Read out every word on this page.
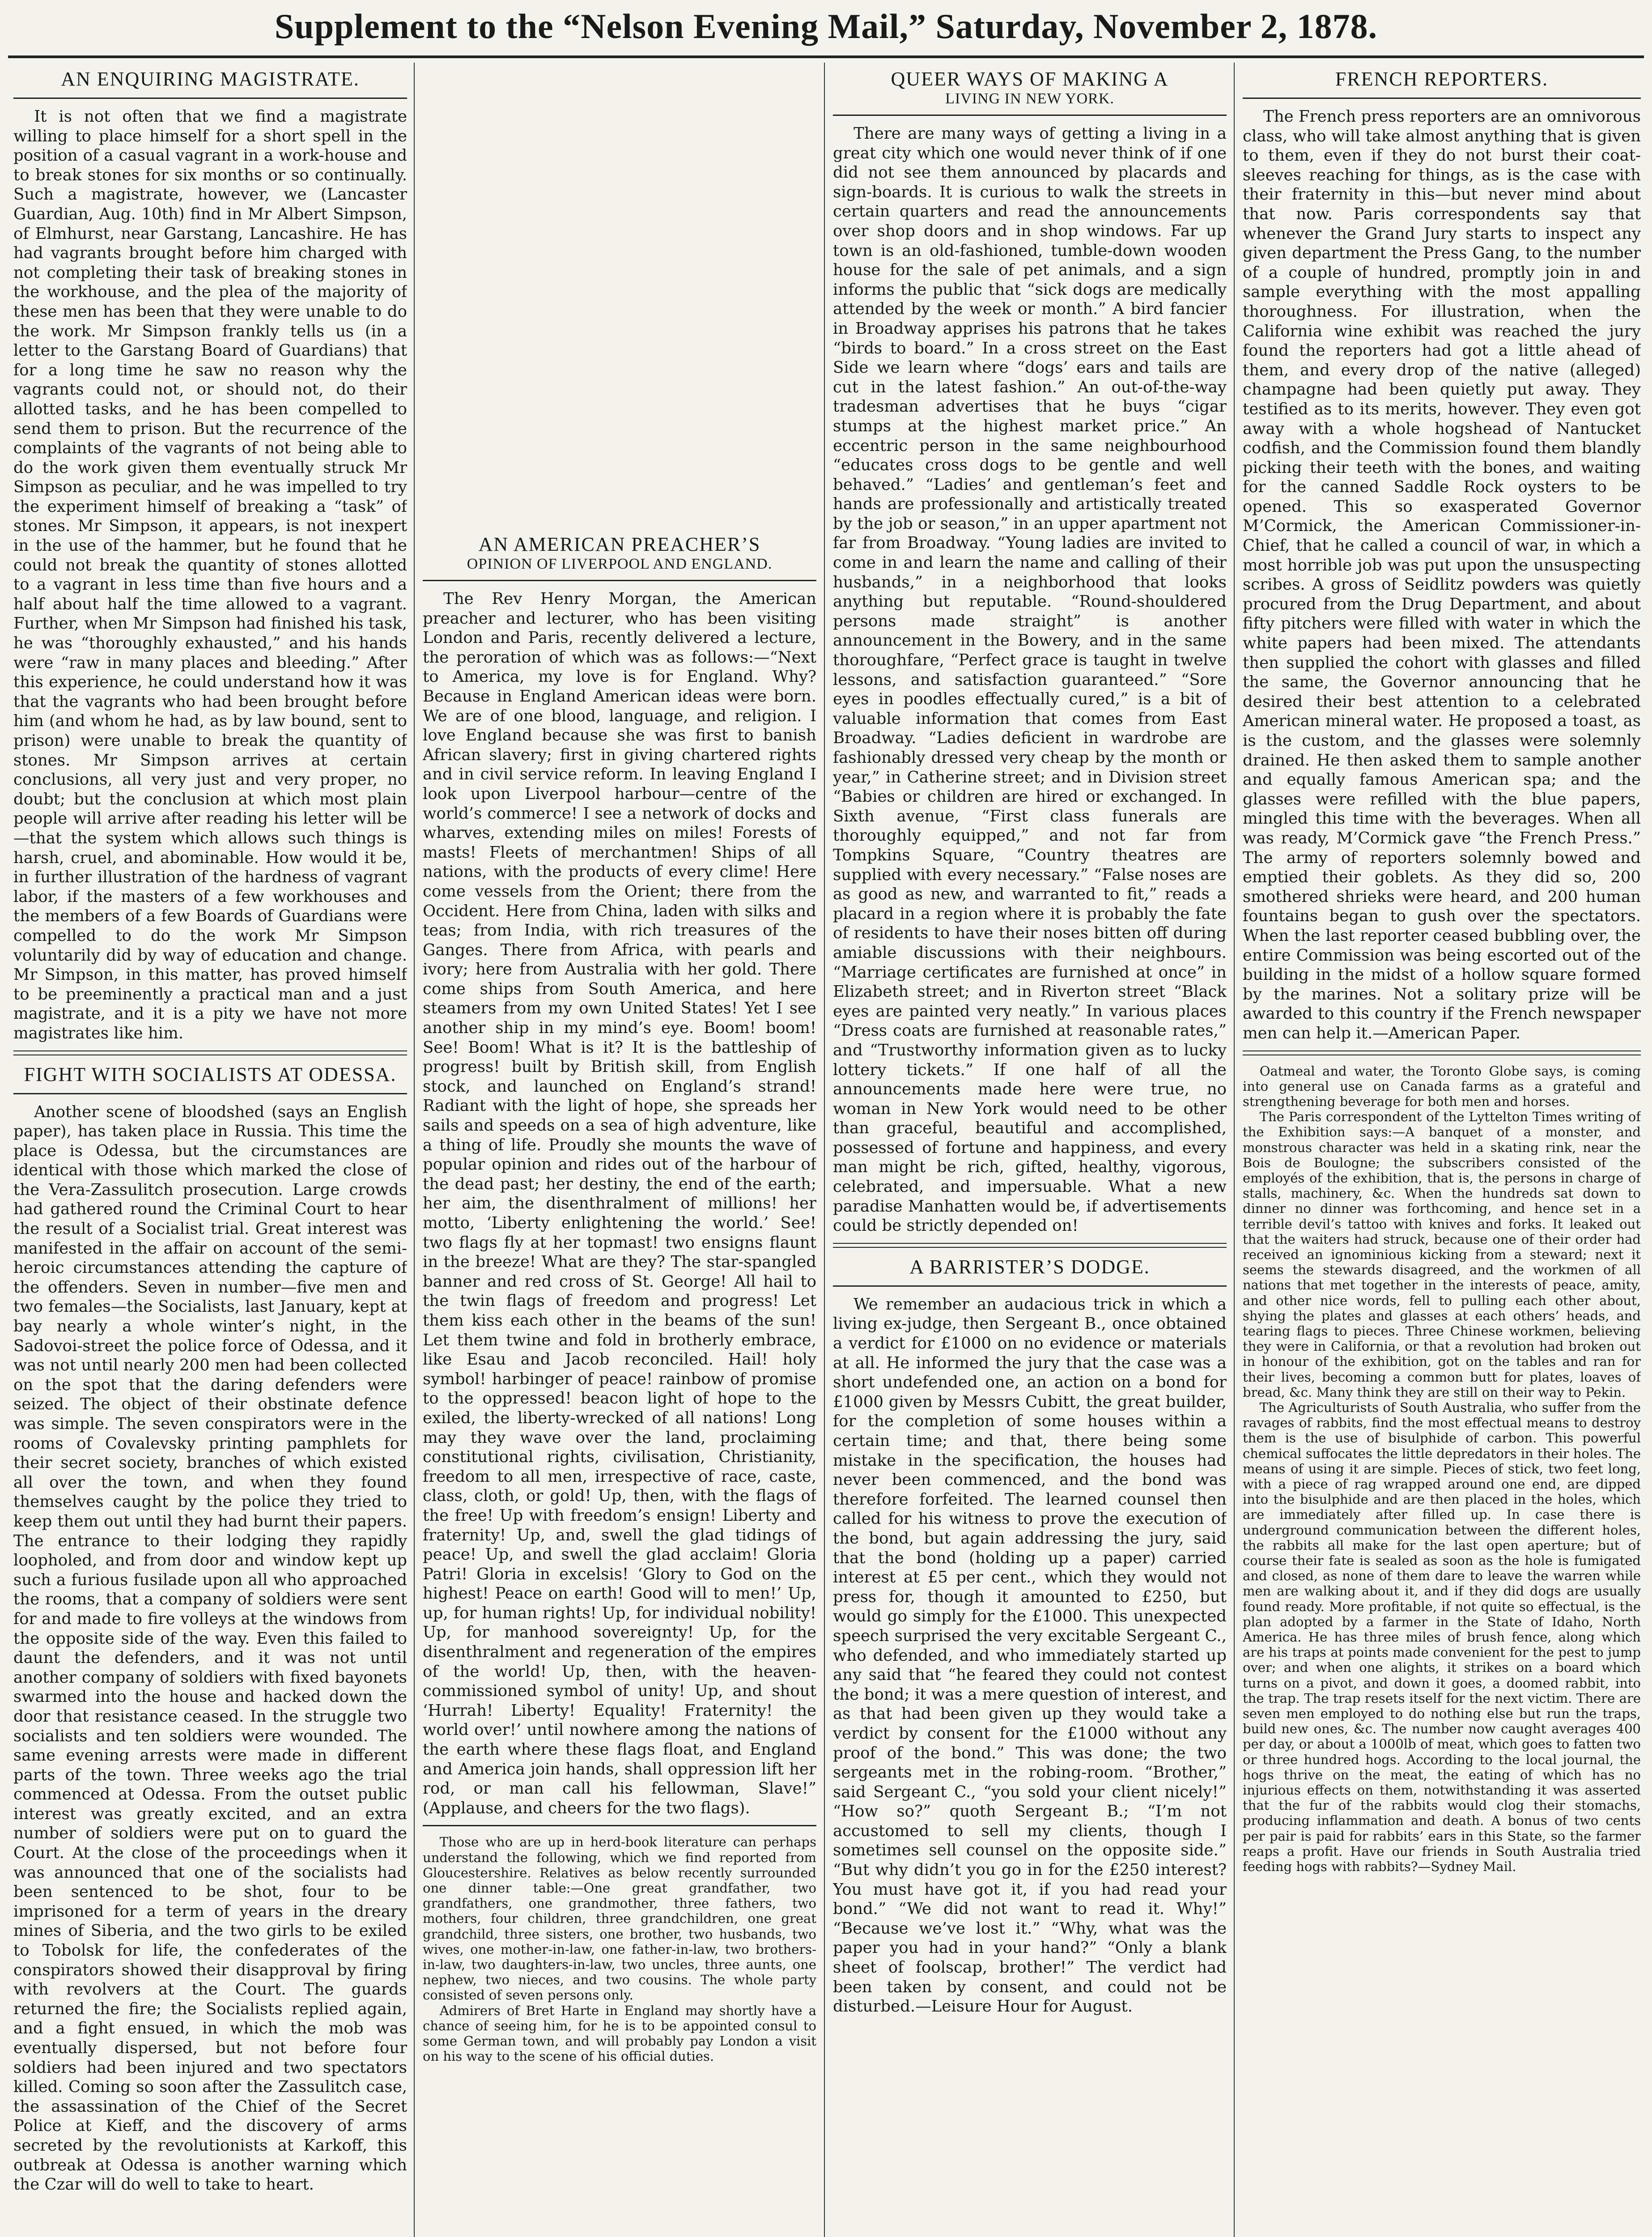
Supplement to the “Nelson Evening Mail,” Saturday, November 2, 1878.
AN ENQUIRING MAGISTRATE.

It is not often that we find a magistrate willing to place himself for a short spell in the position of a casual vagrant in a work-house and to break stones for six months or so continually. Such a magistrate, however, we (Lancaster Guardian, Aug. 10th) find in Mr Albert Simpson, of Elmhurst, near Garstang, Lancashire. He has had vagrants brought before him charged with not completing their task of breaking stones in the workhouse, and the plea of the majority of these men has been that they were unable to do the work. Mr Simpson frankly tells us (in a letter to the Garstang Board of Guardians) that for a long time he saw no reason why the vagrants could not, or should not, do their allotted tasks, and he has been compelled to send them to prison. But the recurrence of the complaints of the vagrants of not being able to do the work given them eventually struck Mr Simpson as peculiar, and he was impelled to try the experiment himself of breaking a “task” of stones. Mr Simpson, it appears, is not inexpert in the use of the hammer, but he found that he could not break the quantity of stones allotted to a vagrant in less time than five hours and a half about half the time allowed to a vagrant. Further, when Mr Simpson had finished his task, he was “thoroughly exhausted,” and his hands were “raw in many places and bleeding.” After this experience, he could understand how it was that the vagrants who had been brought before him (and whom he had, as by law bound, sent to prison) were unable to break the quantity of stones. Mr Simpson arrives at certain conclusions, all very just and very proper, no doubt; but the conclusion at which most plain people will arrive after reading his letter will be—that the system which allows such things is harsh, cruel, and abominable. How would it be, in further illustration of the hardness of vagrant labor, if the masters of a few workhouses and the members of a few Boards of Guardians were compelled to do the work Mr Simpson voluntarily did by way of education and change. Mr Simpson, in this matter, has proved himself to be preeminently a practical man and a just magistrate, and it is a pity we have not more magistrates like him.

FIGHT WITH SOCIALISTS AT ODESSA.

Another scene of bloodshed (says an English paper), has taken place in Russia. This time the place is Odessa, but the circumstances are identical with those which marked the close of the Vera-Zassulitch prosecution. Large crowds had gathered round the Criminal Court to hear the result of a Socialist trial. Great interest was manifested in the affair on account of the semi-heroic circumstances attending the capture of the offenders. Seven in number—five men and two females—the Socialists, last January, kept at bay nearly a whole winter’s night, in the Sadovoi-street the police force of Odessa, and it was not until nearly 200 men had been collected on the spot that the daring defenders were seized. The object of their obstinate defence was simple. The seven conspirators were in the rooms of Covalevsky printing pamphlets for their secret society, branches of which existed all over the town, and when they found themselves caught by the police they tried to keep them out until they had burnt their papers. The entrance to their lodging they rapidly loopholed, and from door and window kept up such a furious fusilade upon all who approached the rooms, that a company of soldiers were sent for and made to fire volleys at the windows from the opposite side of the way. Even this failed to daunt the defenders, and it was not until another company of soldiers with fixed bayonets swarmed into the house and hacked down the door that resistance ceased. In the struggle two socialists and ten soldiers were wounded. The same evening arrests were made in different parts of the town. Three weeks ago the trial commenced at Odessa. From the outset public interest was greatly excited, and an extra number of soldiers were put on to guard the Court. At the close of the proceedings when it was announced that one of the socialists had been sentenced to be shot, four to be imprisoned for a term of years in the dreary mines of Siberia, and the two girls to be exiled to Tobolsk for life, the confederates of the conspirators showed their disapproval by firing with revolvers at the Court. The guards returned the fire; the Socialists replied again, and a fight ensued, in which the mob was eventually dispersed, but not before four soldiers had been injured and two spectators killed. Coming so soon after the Zassulitch case, the assassination of the Chief of the Secret Police at Kieff, and the discovery of arms secreted by the revolutionists at Karkoff, this outbreak at Odessa is another warning which the Czar will do well to take to heart.

AN AMERICAN PREACHER’S
OPINION OF LIVERPOOL AND ENGLAND.

The Rev Henry Morgan, the American preacher and lecturer, who has been visiting London and Paris, recently delivered a lecture, the peroration of which was as follows:—“Next to America, my love is for England. Why? Because in England American ideas were born. We are of one blood, language, and religion. I love England because she was first to banish African slavery; first in giving chartered rights and in civil service reform. In leaving England I look upon Liverpool harbour—centre of the world’s commerce! I see a network of docks and wharves, extending miles on miles! Forests of masts! Fleets of merchantmen! Ships of all nations, with the products of every clime! Here come vessels from the Orient; there from the Occident. Here from China, laden with silks and teas; from India, with rich treasures of the Ganges. There from Africa, with pearls and ivory; here from Australia with her gold. There come ships from South America, and here steamers from my own United States! Yet I see another ship in my mind’s eye. Boom! boom! See! Boom! What is it? It is the battleship of progress! built by British skill, from English stock, and launched on England’s strand! Radiant with the light of hope, she spreads her sails and speeds on a sea of high adventure, like a thing of life. Proudly she mounts the wave of popular opinion and rides out of the harbour of the dead past; her destiny, the end of the earth; her aim, the disenthralment of millions! her motto, ‘Liberty enlightening the world.’ See! two flags fly at her topmast! two ensigns flaunt in the breeze! What are they? The star-spangled banner and red cross of St. George! All hail to the twin flags of freedom and progress! Let them kiss each other in the beams of the sun! Let them twine and fold in brotherly embrace, like Esau and Jacob reconciled. Hail! holy symbol! harbinger of peace! rainbow of promise to the oppressed! beacon light of hope to the exiled, the liberty-wrecked of all nations! Long may they wave over the land, proclaiming constitutional rights, civilisation, Christianity, freedom to all men, irrespective of race, caste, class, cloth, or gold! Up, then, with the flags of the free! Up with freedom’s ensign! Liberty and fraternity! Up, and, swell the glad tidings of peace! Up, and swell the glad acclaim! Gloria Patri! Gloria in excelsis! ‘Glory to God on the highest! Peace on earth! Good will to men!’ Up, up, for human rights! Up, for individual nobility! Up, for manhood sovereignty! Up, for the disenthralment and regeneration of the empires of the world! Up, then, with the heaven-commissioned symbol of unity! Up, and shout ‘Hurrah! Liberty! Equality! Fraternity! the world over!’ until nowhere among the nations of the earth where these flags float, and England and America join hands, shall oppression lift her rod, or man call his fellowman, Slave!” (Applause, and cheers for the two flags).

Those who are up in herd-book literature can perhaps understand the following, which we find reported from Gloucestershire. Relatives as below recently surrounded one dinner table:—One great grandfather, two grandfathers, one grandmother, three fathers, two mothers, four children, three grandchildren, one great grandchild, three sisters, one brother, two husbands, two wives, one mother-in-law, one father-in-law, two brothers-in-law, two daughters-in-law, two uncles, three aunts, one nephew, two nieces, and two cousins. The whole party consisted of seven persons only.

Admirers of Bret Harte in England may shortly have a chance of seeing him, for he is to be appointed consul to some German town, and will probably pay London a visit on his way to the scene of his official duties.

QUEER WAYS OF MAKING A
LIVING IN NEW YORK.

There are many ways of getting a living in a great city which one would never think of if one did not see them announced by placards and sign-boards. It is curious to walk the streets in certain quarters and read the announcements over shop doors and in shop windows. Far up town is an old-fashioned, tumble-down wooden house for the sale of pet animals, and a sign informs the public that “sick dogs are medically attended by the week or month.” A bird fancier in Broadway apprises his patrons that he takes “birds to board.” In a cross street on the East Side we learn where “dogs’ ears and tails are cut in the latest fashion.” An out-of-the-way tradesman advertises that he buys “cigar stumps at the highest market price.” An eccentric person in the same neighbourhood “educates cross dogs to be gentle and well behaved.” “Ladies’ and gentleman’s feet and hands are professionally and artistically treated by the job or season,” in an upper apartment not far from Broadway. “Young ladies are invited to come in and learn the name and calling of their husbands,” in a neighborhood that looks anything but reputable. “Round-shouldered persons made straight” is another announcement in the Bowery, and in the same thoroughfare, “Perfect grace is taught in twelve lessons, and satisfaction guaranteed.” “Sore eyes in poodles effectually cured,” is a bit of valuable information that comes from East Broadway. “Ladies deficient in wardrobe are fashionably dressed very cheap by the month or year,” in Catherine street; and in Division street “Babies or children are hired or exchanged. In Sixth avenue, “First class funerals are thoroughly equipped,” and not far from Tompkins Square, “Country theatres are supplied with every necessary.” “False noses are as good as new, and warranted to fit,” reads a placard in a region where it is probably the fate of residents to have their noses bitten off during amiable discussions with their neighbours. “Marriage certificates are furnished at once” in Elizabeth street; and in Riverton street “Black eyes are painted very neatly.” In various places “Dress coats are furnished at reasonable rates,” and “Trustworthy information given as to lucky lottery tickets.” If one half of all the announcements made here were true, no woman in New York would need to be other than graceful, beautiful and accomplished, possessed of fortune and happiness, and every man might be rich, gifted, healthy, vigorous, celebrated, and impersuable. What a new paradise Manhatten would be, if advertisements could be strictly depended on!

A BARRISTER’S DODGE.

We remember an audacious trick in which a living ex-judge, then Sergeant B., once obtained a verdict for £1000 on no evidence or materials at all. He informed the jury that the case was a short undefended one, an action on a bond for £1000 given by Messrs Cubitt, the great builder, for the completion of some houses within a certain time; and that, there being some mistake in the specification, the houses had never been commenced, and the bond was therefore forfeited. The learned counsel then called for his witness to prove the execution of the bond, but again addressing the jury, said that the bond (holding up a paper) carried interest at £5 per cent., which they would not press for, though it amounted to £250, but would go simply for the £1000. This unexpected speech surprised the very excitable Sergeant C., who defended, and who immediately started up any said that “he feared they could not contest the bond; it was a mere question of interest, and as that had been given up they would take a verdict by consent for the £1000 without any proof of the bond.” This was done; the two sergeants met in the robing-room. “Brother,” said Sergeant C., “you sold your client nicely!” “How so?” quoth Sergeant B.; “I’m not accustomed to sell my clients, though I sometimes sell counsel on the opposite side.” “But why didn’t you go in for the £250 interest? You must have got it, if you had read your bond.” “We did not want to read it. Why!” “Because we’ve lost it.” “Why, what was the paper you had in your hand?” “Only a blank sheet of foolscap, brother!” The verdict had been taken by consent, and could not be disturbed.—Leisure Hour for August.

FRENCH REPORTERS.

The French press reporters are an omnivorous class, who will take almost anything that is given to them, even if they do not burst their coat-sleeves reaching for things, as is the case with their fraternity in this—but never mind about that now. Paris correspondents say that whenever the Grand Jury starts to inspect any given department the Press Gang, to the number of a couple of hundred, promptly join in and sample everything with the most appalling thoroughness. For illustration, when the California wine exhibit was reached the jury found the reporters had got a little ahead of them, and every drop of the native (alleged) champagne had been quietly put away. They testified as to its merits, however. They even got away with a whole hogshead of Nantucket codfish, and the Commission found them blandly picking their teeth with the bones, and waiting for the canned Saddle Rock oysters to be opened. This so exasperated Governor M’Cormick, the American Commissioner-in-Chief, that he called a council of war, in which a most horrible job was put upon the unsuspecting scribes. A gross of Seidlitz powders was quietly procured from the Drug Department, and about fifty pitchers were filled with water in which the white papers had been mixed. The attendants then supplied the cohort with glasses and filled the same, the Governor announcing that he desired their best attention to a celebrated American mineral water. He proposed a toast, as is the custom, and the glasses were solemnly drained. He then asked them to sample another and equally famous American spa; and the glasses were refilled with the blue papers, mingled this time with the beverages. When all was ready, M’Cormick gave “the French Press.” The army of reporters solemnly bowed and emptied their goblets. As they did so, 200 smothered shrieks were heard, and 200 human fountains began to gush over the spectators. When the last reporter ceased bubbling over, the entire Commission was being escorted out of the building in the midst of a hollow square formed by the marines. Not a solitary prize will be awarded to this country if the French newspaper men can help it.—American Paper.

Oatmeal and water, the Toronto Globe says, is coming into general use on Canada farms as a grateful and strengthening beverage for both men and horses.

The Paris correspondent of the Lyttelton Times writing of the Exhibition says:—A banquet of a monster, and monstrous character was held in a skating rink, near the Bois de Boulogne; the subscribers consisted of the employés of the exhibition, that is, the persons in charge of stalls, machinery, &c. When the hundreds sat down to dinner no dinner was forthcoming, and hence set in a terrible devil’s tattoo with knives and forks. It leaked out that the waiters had struck, because one of their order had received an ignominious kicking from a steward; next it seems the stewards disagreed, and the workmen of all nations that met together in the interests of peace, amity, and other nice words, fell to pulling each other about, shying the plates and glasses at each others’ heads, and tearing flags to pieces. Three Chinese workmen, believing they were in California, or that a revolution had broken out in honour of the exhibition, got on the tables and ran for their lives, becoming a common butt for plates, loaves of bread, &c. Many think they are still on their way to Pekin.

The Agriculturists of South Australia, who suffer from the ravages of rabbits, find the most effectual means to destroy them is the use of bisulphide of carbon. This powerful chemical suffocates the little depredators in their holes. The means of using it are simple. Pieces of stick, two feet long, with a piece of rag wrapped around one end, are dipped into the bisulphide and are then placed in the holes, which are immediately after filled up. In case there is underground communication between the different holes, the rabbits all make for the last open aperture; but of course their fate is sealed as soon as the hole is fumigated and closed, as none of them dare to leave the warren while men are walking about it, and if they did dogs are usually found ready. More profitable, if not quite so effectual, is the plan adopted by a farmer in the State of Idaho, North America. He has three miles of brush fence, along which are his traps at points made convenient for the pest to jump over; and when one alights, it strikes on a board which turns on a pivot, and down it goes, a doomed rabbit, into the trap. The trap resets itself for the next victim. There are seven men employed to do nothing else but run the traps, build new ones, &c. The number now caught averages 400 per day, or about a 1000lb of meat, which goes to fatten two or three hundred hogs. According to the local journal, the hogs thrive on the meat, the eating of which has no injurious effects on them, notwithstanding it was asserted that the fur of the rabbits would clog their stomachs, producing inflammation and death. A bonus of two cents per pair is paid for rabbits’ ears in this State, so the farmer reaps a profit. Have our friends in South Australia tried feeding hogs with rabbits?—Sydney Mail.
